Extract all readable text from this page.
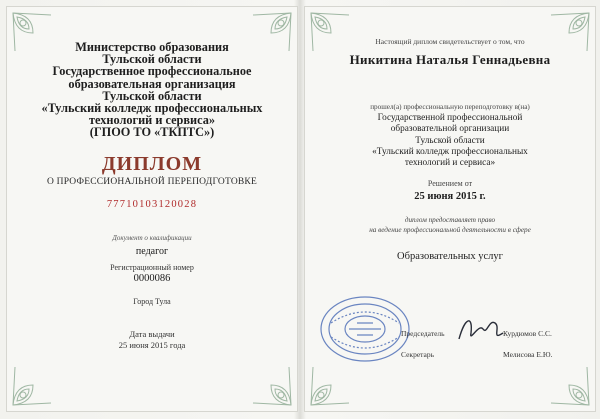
Министерство образования
Тульской области
Государственное профессиональное
образовательная организация
Тульской области
«Тульский колледж профессиональных
технологий и сервиса»
(ГПОО ТО «ТКПТС»)
ДИПЛОМ
О ПРОФЕССИОНАЛЬНОЙ ПЕРЕПОДГОТОВКЕ
77710103120028
Документ о квалификации
педагог
Регистрационный номер
0000086
Город Тула
Дата выдачи
25 июня 2015 года
Настоящий диплом свидетельствует о том, что
Никитина Наталья Геннадьевна
прошел(а) профессиональную переподготовку в(на)
Государственной профессиональной
образовательной организации
Тульской области
«Тульский колледж профессиональных
технологий и сервиса»
Решением от
25 июня 2015 г.
диплом предоставляет право
на ведение профессиональной деятельности в сфере
Образовательных услуг
Председатель	Курдюмов С.С.
Секретарь	Мелисова Е.Ю.
